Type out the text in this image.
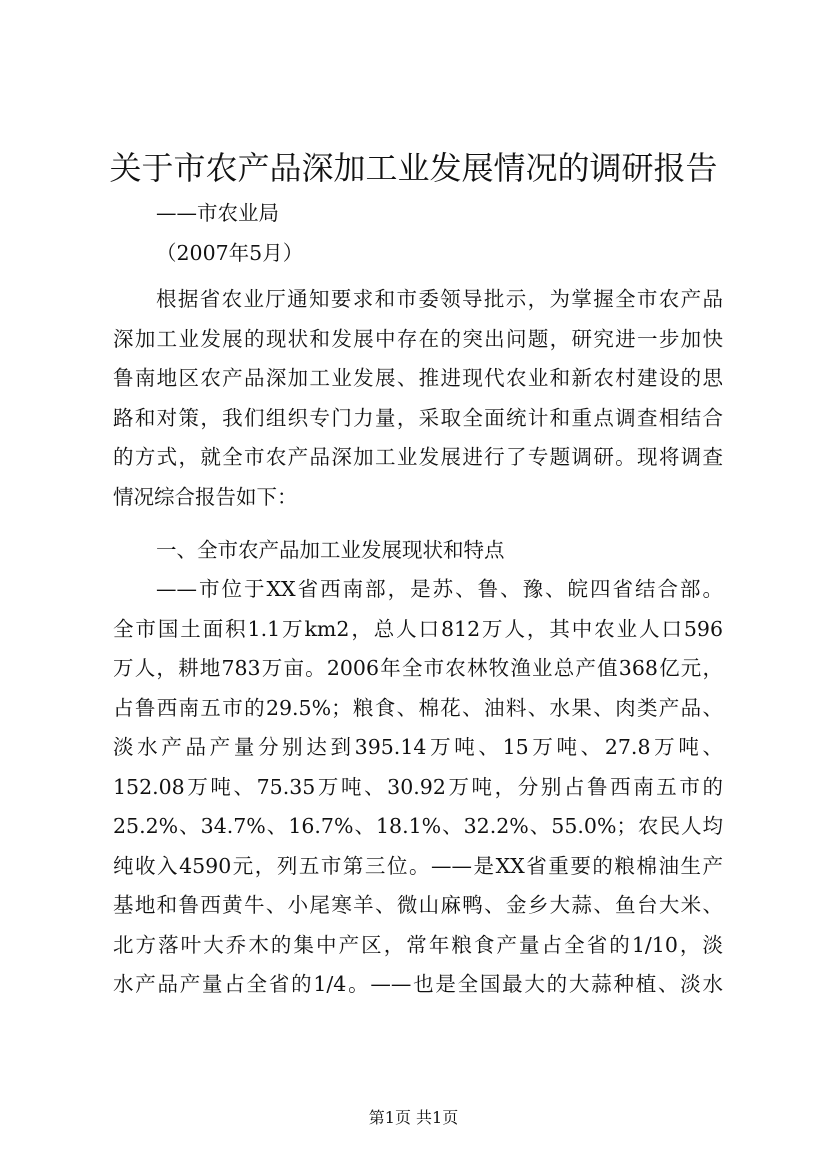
关于市农产品深加工业发展情况的调研报告

——市农业局

（2007年5月）

根据省农业厅通知要求和市委领导批示，为掌握全市农产品
深加工业发展的现状和发展中存在的突出问题，研究进一步加快
鲁南地区农产品深加工业发展、推进现代农业和新农村建设的思
路和对策，我们组织专门力量，采取全面统计和重点调查相结合
的方式，就全市农产品深加工业发展进行了专题调研。现将调查
情况综合报告如下：

一、全市农产品加工业发展现状和特点

——市位于XX省西南部，是苏、鲁、豫、皖四省结合部。
全市国土面积1.1万km2，总人口812万人，其中农业人口596
万人，耕地783万亩。2006年全市农林牧渔业总产值368亿元，
占鲁西南五市的29.5%；粮食、棉花、油料、水果、肉类产品、
淡水产品产量分别达到395.14万吨、15万吨、27.8万吨、
152.08万吨、75.35万吨、30.92万吨，分别占鲁西南五市的
25.2%、34.7%、16.7%、18.1%、32.2%、55.0%；农民人均
纯收入4590元，列五市第三位。——是XX省重要的粮棉油生产
基地和鲁西黄牛、小尾寒羊、微山麻鸭、金乡大蒜、鱼台大米、
北方落叶大乔木的集中产区，常年粮食产量占全省的1/10，淡
水产品产量占全省的1/4。——也是全国最大的大蒜种植、淡水

第1页 共1页
